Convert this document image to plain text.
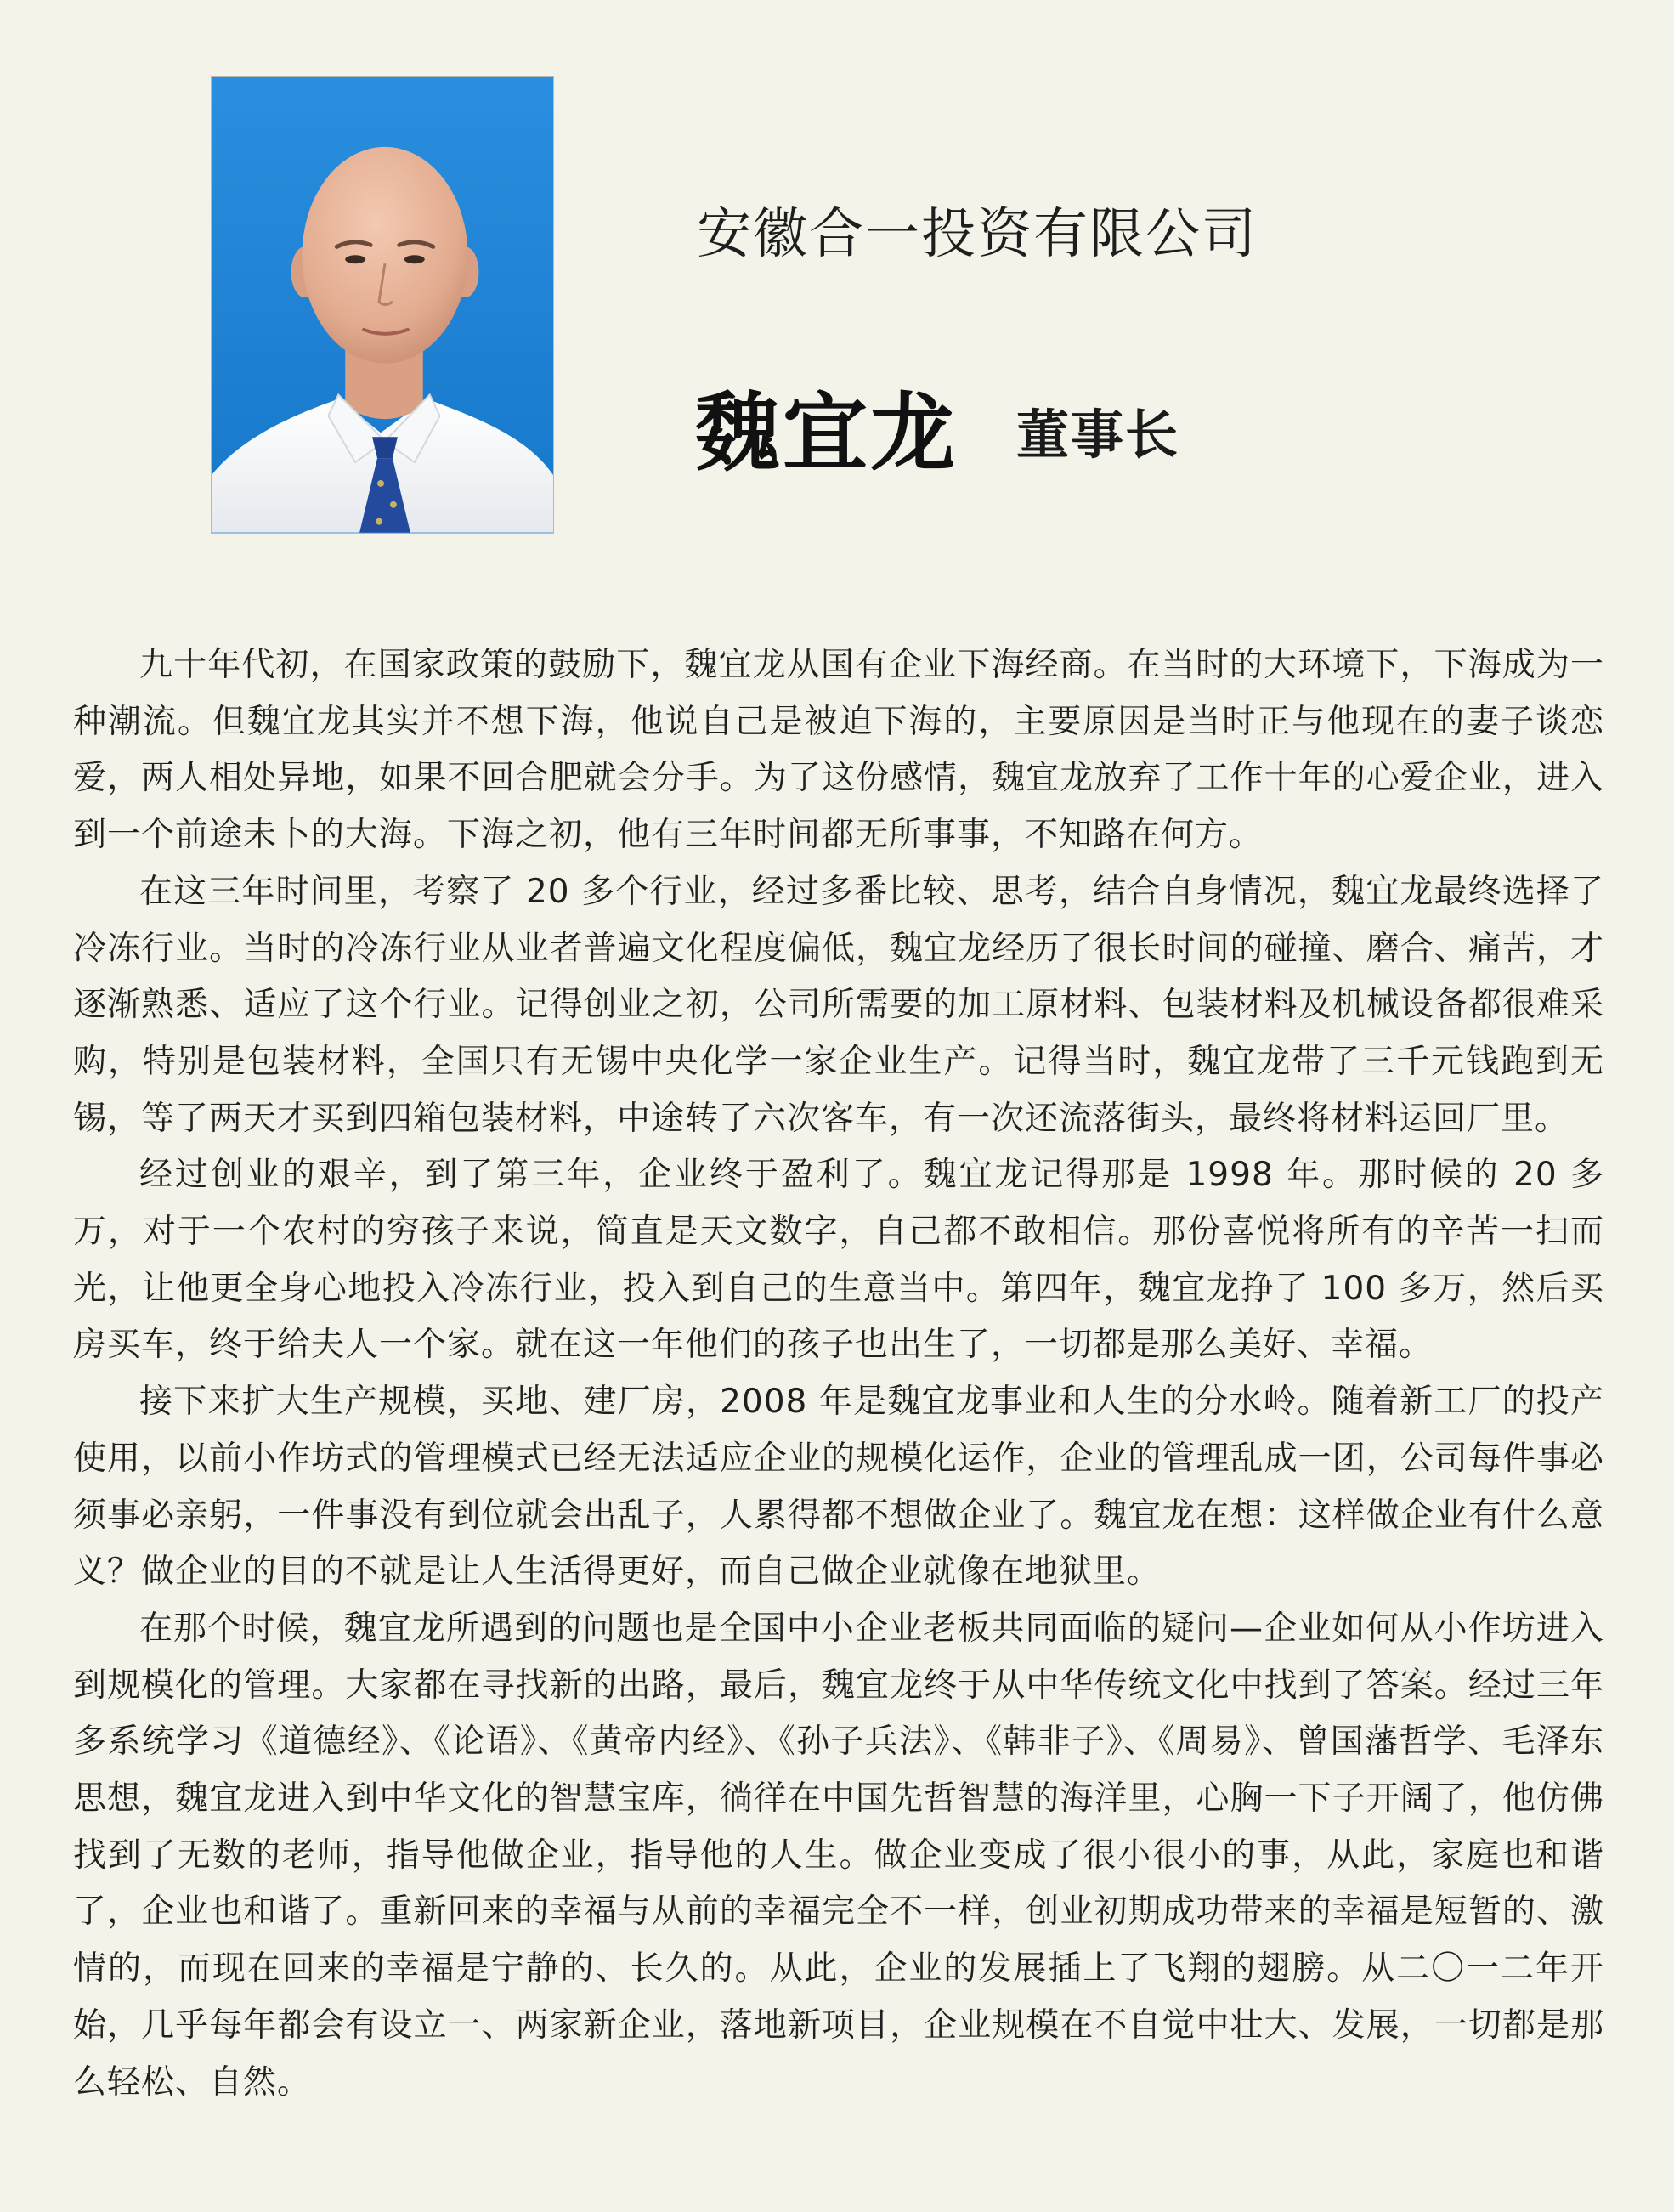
安徽合一投资有限公司
魏宜龙 董事长

九十年代初，在国家政策的鼓励下，魏宜龙从国有企业下海经商。在当时的大环境下，下海成为一种潮流。但魏宜龙其实并不想下海，他说自己是被迫下海的，主要原因是当时正与他现在的妻子谈恋爱，两人相处异地，如果不回合肥就会分手。为了这份感情，魏宜龙放弃了工作十年的心爱企业，进入到一个前途未卜的大海。下海之初，他有三年时间都无所事事，不知路在何方。

在这三年时间里，考察了 20 多个行业，经过多番比较、思考，结合自身情况，魏宜龙最终选择了冷冻行业。当时的冷冻行业从业者普遍文化程度偏低，魏宜龙经历了很长时间的碰撞、磨合、痛苦，才逐渐熟悉、适应了这个行业。记得创业之初，公司所需要的加工原材料、包装材料及机械设备都很难采购，特别是包装材料，全国只有无锡中央化学一家企业生产。记得当时，魏宜龙带了三千元钱跑到无锡，等了两天才买到四箱包装材料，中途转了六次客车，有一次还流落街头，最终将材料运回厂里。

经过创业的艰辛，到了第三年，企业终于盈利了。魏宜龙记得那是 1998 年。那时候的 20 多万，对于一个农村的穷孩子来说，简直是天文数字，自己都不敢相信。那份喜悦将所有的辛苦一扫而光，让他更全身心地投入冷冻行业，投入到自己的生意当中。第四年，魏宜龙挣了 100 多万，然后买房买车，终于给夫人一个家。就在这一年他们的孩子也出生了，一切都是那么美好、幸福。

接下来扩大生产规模，买地、建厂房，2008 年是魏宜龙事业和人生的分水岭。随着新工厂的投产使用，以前小作坊式的管理模式已经无法适应企业的规模化运作，企业的管理乱成一团，公司每件事必须事必亲躬，一件事没有到位就会出乱子，人累得都不想做企业了。魏宜龙在想：这样做企业有什么意义？做企业的目的不就是让人生活得更好，而自己做企业就像在地狱里。

在那个时候，魏宜龙所遇到的问题也是全国中小企业老板共同面临的疑问—企业如何从小作坊进入到规模化的管理。大家都在寻找新的出路，最后，魏宜龙终于从中华传统文化中找到了答案。经过三年多系统学习《道德经》、《论语》、《黄帝内经》、《孙子兵法》、《韩非子》、《周易》、曾国藩哲学、毛泽东思想，魏宜龙进入到中华文化的智慧宝库，徜徉在中国先哲智慧的海洋里，心胸一下子开阔了，他仿佛找到了无数的老师，指导他做企业，指导他的人生。做企业变成了很小很小的事，从此，家庭也和谐了，企业也和谐了。重新回来的幸福与从前的幸福完全不一样，创业初期成功带来的幸福是短暂的、激情的，而现在回来的幸福是宁静的、长久的。从此，企业的发展插上了飞翔的翅膀。从二〇一二年开始，几乎每年都会有设立一、两家新企业，落地新项目，企业规模在不自觉中壮大、发展，一切都是那么轻松、自然。
